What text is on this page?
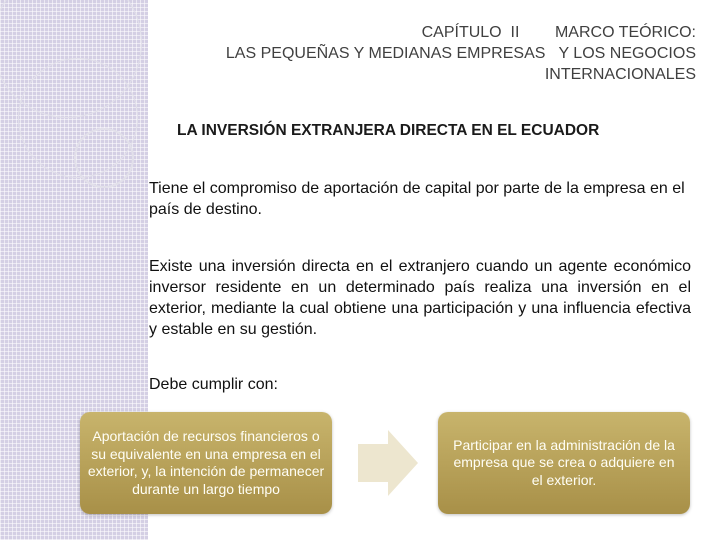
CAPÍTULO  II        MARCO TEÓRICO:
LAS PEQUEÑAS Y MEDIANAS EMPRESAS   Y LOS NEGOCIOS
INTERNACIONALES
LA INVERSIÓN EXTRANJERA DIRECTA EN EL ECUADOR
Tiene el compromiso de aportación de capital por parte de la empresa en el país de destino.
Existe una inversión directa en el extranjero cuando un agente económico inversor residente en un determinado país realiza una inversión en el exterior, mediante la cual obtiene una participación y una influencia efectiva y estable en su gestión.
Debe cumplir con:
Aportación de recursos financieros o su equivalente en una empresa en el exterior, y, la intención de permanecer durante un largo tiempo
Participar en la administración de la empresa que se crea o adquiere en el exterior.
